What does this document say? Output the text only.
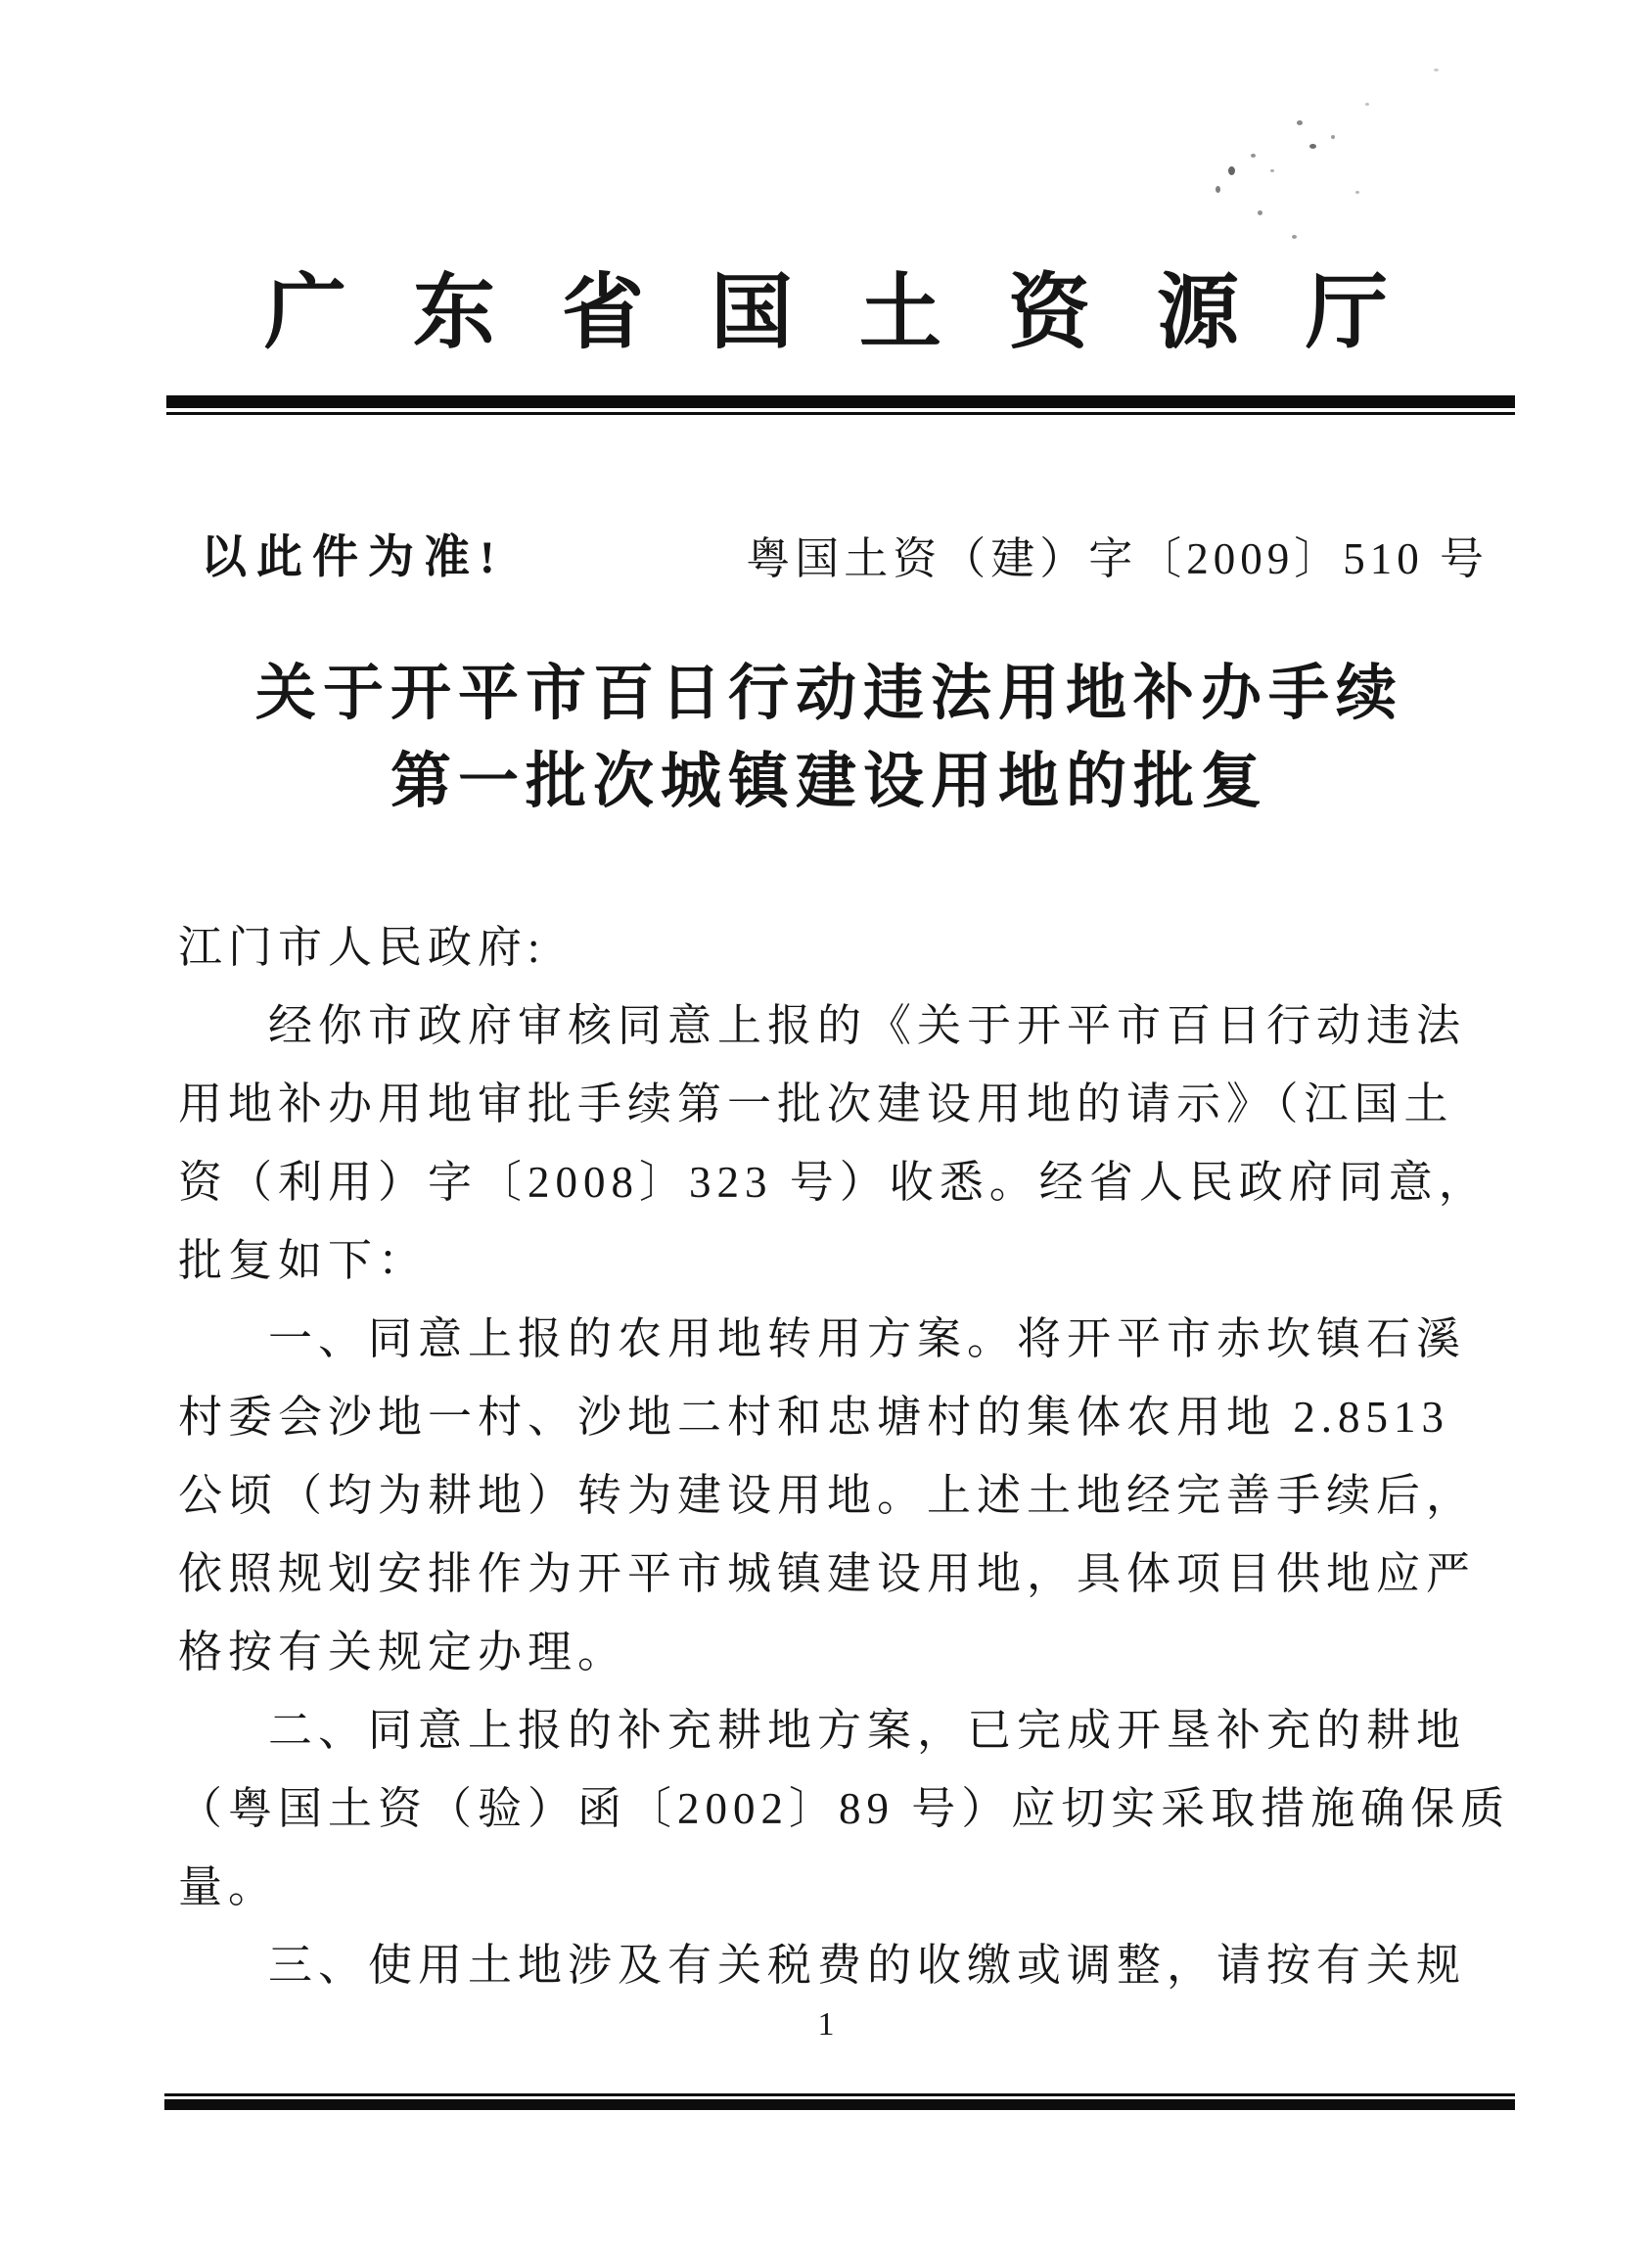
广东省国土资源厅
以此件为准!	粤国土资（建）字〔2009〕510 号
关于开平市百日行动违法用地补办手续
第一批次城镇建设用地的批复
江门市人民政府:
经你市政府审核同意上报的《关于开平市百日行动违法
用地补办用地审批手续第一批次建设用地的请示》（江国土
资（利用）字〔2008〕323 号）收悉。经省人民政府同意，
批复如下：
一、同意上报的农用地转用方案。将开平市赤坎镇石溪
村委会沙地一村、沙地二村和忠塘村的集体农用地 2.8513
公顷（均为耕地）转为建设用地。上述土地经完善手续后，
依照规划安排作为开平市城镇建设用地，具体项目供地应严
格按有关规定办理。
二、同意上报的补充耕地方案，已完成开垦补充的耕地
（粤国土资（验）函〔2002〕89 号）应切实采取措施确保质
量。
三、使用土地涉及有关税费的收缴或调整，请按有关规
1
